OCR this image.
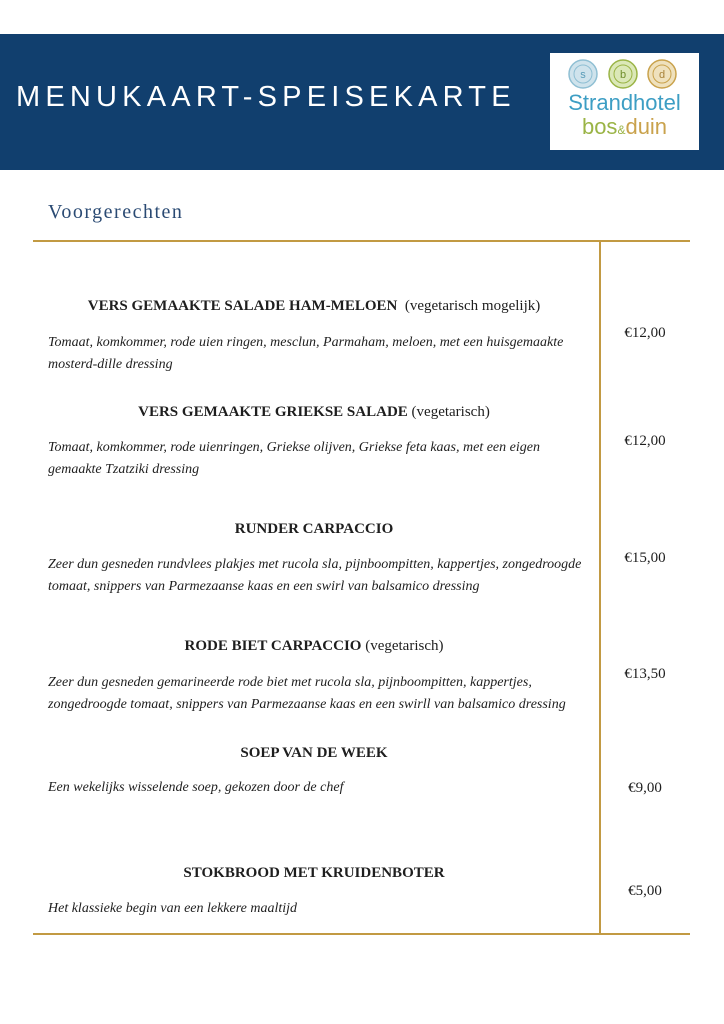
MENUKAART-SPEISEKARTE
s	b	d
Strandhotel
bos&duin
Voorgerechten
VERS GEMAAKTE SALADE HAM-MELOEN (vegetarisch mogelijk)
Tomaat, komkommer, rode uien ringen, mesclun, Parmaham, meloen, met een huisgemaakte mosterd-dille dressing
€12,00
VERS GEMAAKTE GRIEKSE SALADE (vegetarisch)
Tomaat, komkommer, rode uienringen, Griekse olijven, Griekse feta kaas, met een eigen gemaakte Tzatziki dressing
€12,00
RUNDER CARPACCIO
Zeer dun gesneden rundvlees plakjes met rucola sla, pijnboompitten, kappertjes, zongedroogde tomaat, snippers van Parmezaanse kaas en een swirl van balsamico dressing
€15,00
RODE BIET CARPACCIO (vegetarisch)
Zeer dun gesneden gemarineerde rode biet met rucola sla, pijnboompitten, kappertjes, zongedroogde tomaat, snippers van Parmezaanse kaas en een swirll van balsamico dressing
€13,50
SOEP VAN DE WEEK
Een wekelijks wisselende soep, gekozen door de chef	€9,00
STOKBROOD MET KRUIDENBOTER
Het klassieke begin van een lekkere maaltijd
€5,00
